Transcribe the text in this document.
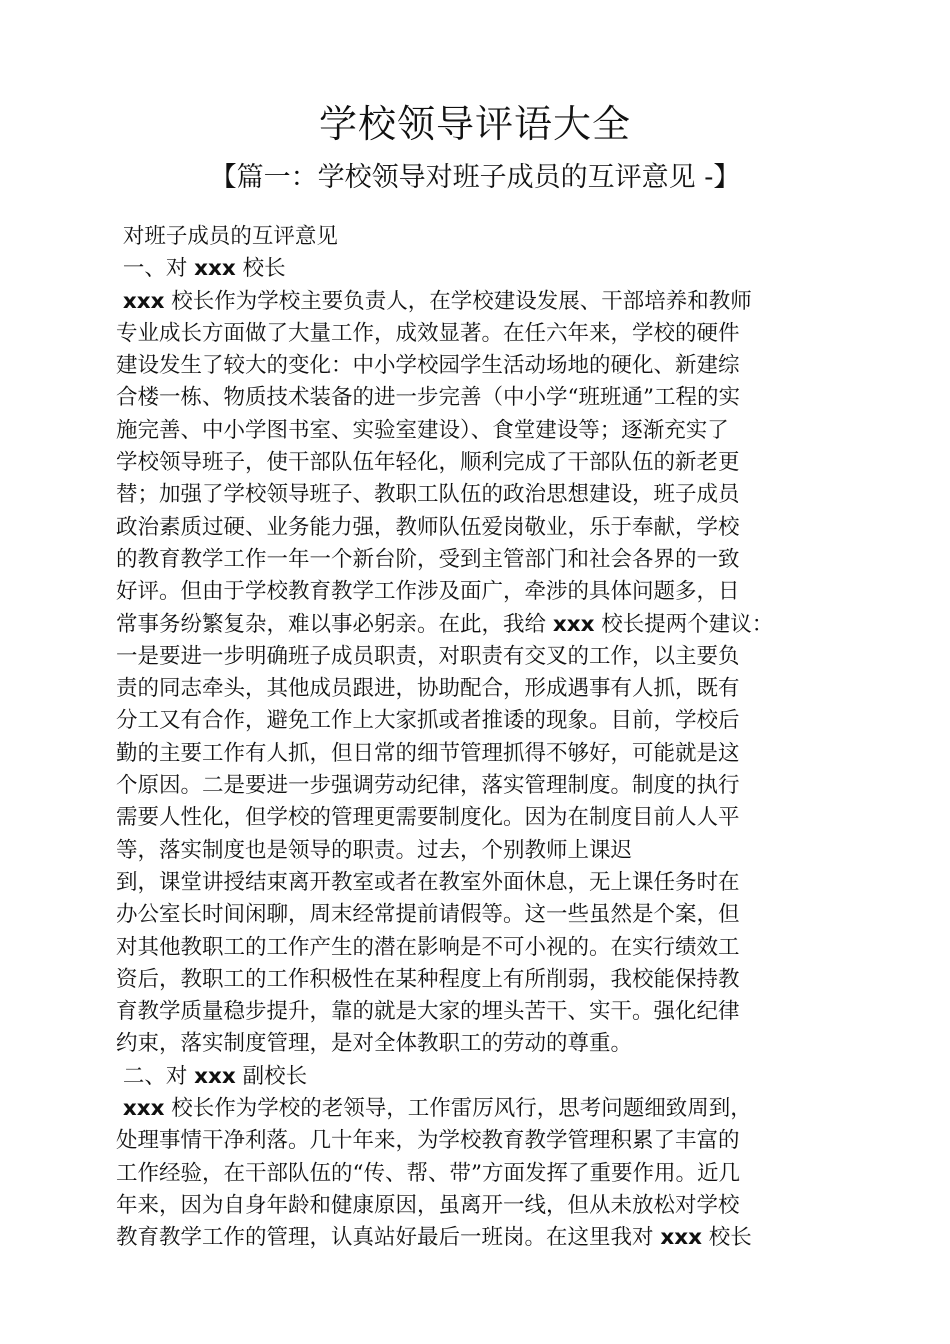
学校领导评语大全
【篇一：学校领导对班子成员的互评意见 -】
对班子成员的互评意见
一、对 xxx 校长
xxx 校长作为学校主要负责人，在学校建设发展、干部培养和教师
专业成长方面做了大量工作，成效显著。在任六年来，学校的硬件
建设发生了较大的变化：中小学校园学生活动场地的硬化、新建综
合楼一栋、物质技术装备的进一步完善（中小学“班班通”工程的实
施完善、中小学图书室、实验室建设）、食堂建设等；逐渐充实了
学校领导班子，使干部队伍年轻化，顺利完成了干部队伍的新老更
替；加强了学校领导班子、教职工队伍的政治思想建设，班子成员
政治素质过硬、业务能力强，教师队伍爱岗敬业，乐于奉献，学校
的教育教学工作一年一个新台阶，受到主管部门和社会各界的一致
好评。但由于学校教育教学工作涉及面广，牵涉的具体问题多，日
常事务纷繁复杂，难以事必躬亲。在此，我给 xxx 校长提两个建议：
一是要进一步明确班子成员职责，对职责有交叉的工作，以主要负
责的同志牵头，其他成员跟进，协助配合，形成遇事有人抓，既有
分工又有合作，避免工作上大家抓或者推诿的现象。目前，学校后
勤的主要工作有人抓，但日常的细节管理抓得不够好，可能就是这
个原因。二是要进一步强调劳动纪律，落实管理制度。制度的执行
需要人性化，但学校的管理更需要制度化。因为在制度目前人人平
等，落实制度也是领导的职责。过去，个别教师上课迟
到，课堂讲授结束离开教室或者在教室外面休息，无上课任务时在
办公室长时间闲聊，周末经常提前请假等。这一些虽然是个案，但
对其他教职工的工作产生的潜在影响是不可小视的。在实行绩效工
资后，教职工的工作积极性在某种程度上有所削弱，我校能保持教
育教学质量稳步提升，靠的就是大家的埋头苦干、实干。强化纪律
约束，落实制度管理，是对全体教职工的劳动的尊重。
二、对 xxx 副校长
xxx 校长作为学校的老领导，工作雷厉风行，思考问题细致周到，
处理事情干净利落。几十年来，为学校教育教学管理积累了丰富的
工作经验，在干部队伍的“传、帮、带”方面发挥了重要作用。近几
年来，因为自身年龄和健康原因，虽离开一线，但从未放松对学校
教育教学工作的管理，认真站好最后一班岗。在这里我对 xxx 校长
